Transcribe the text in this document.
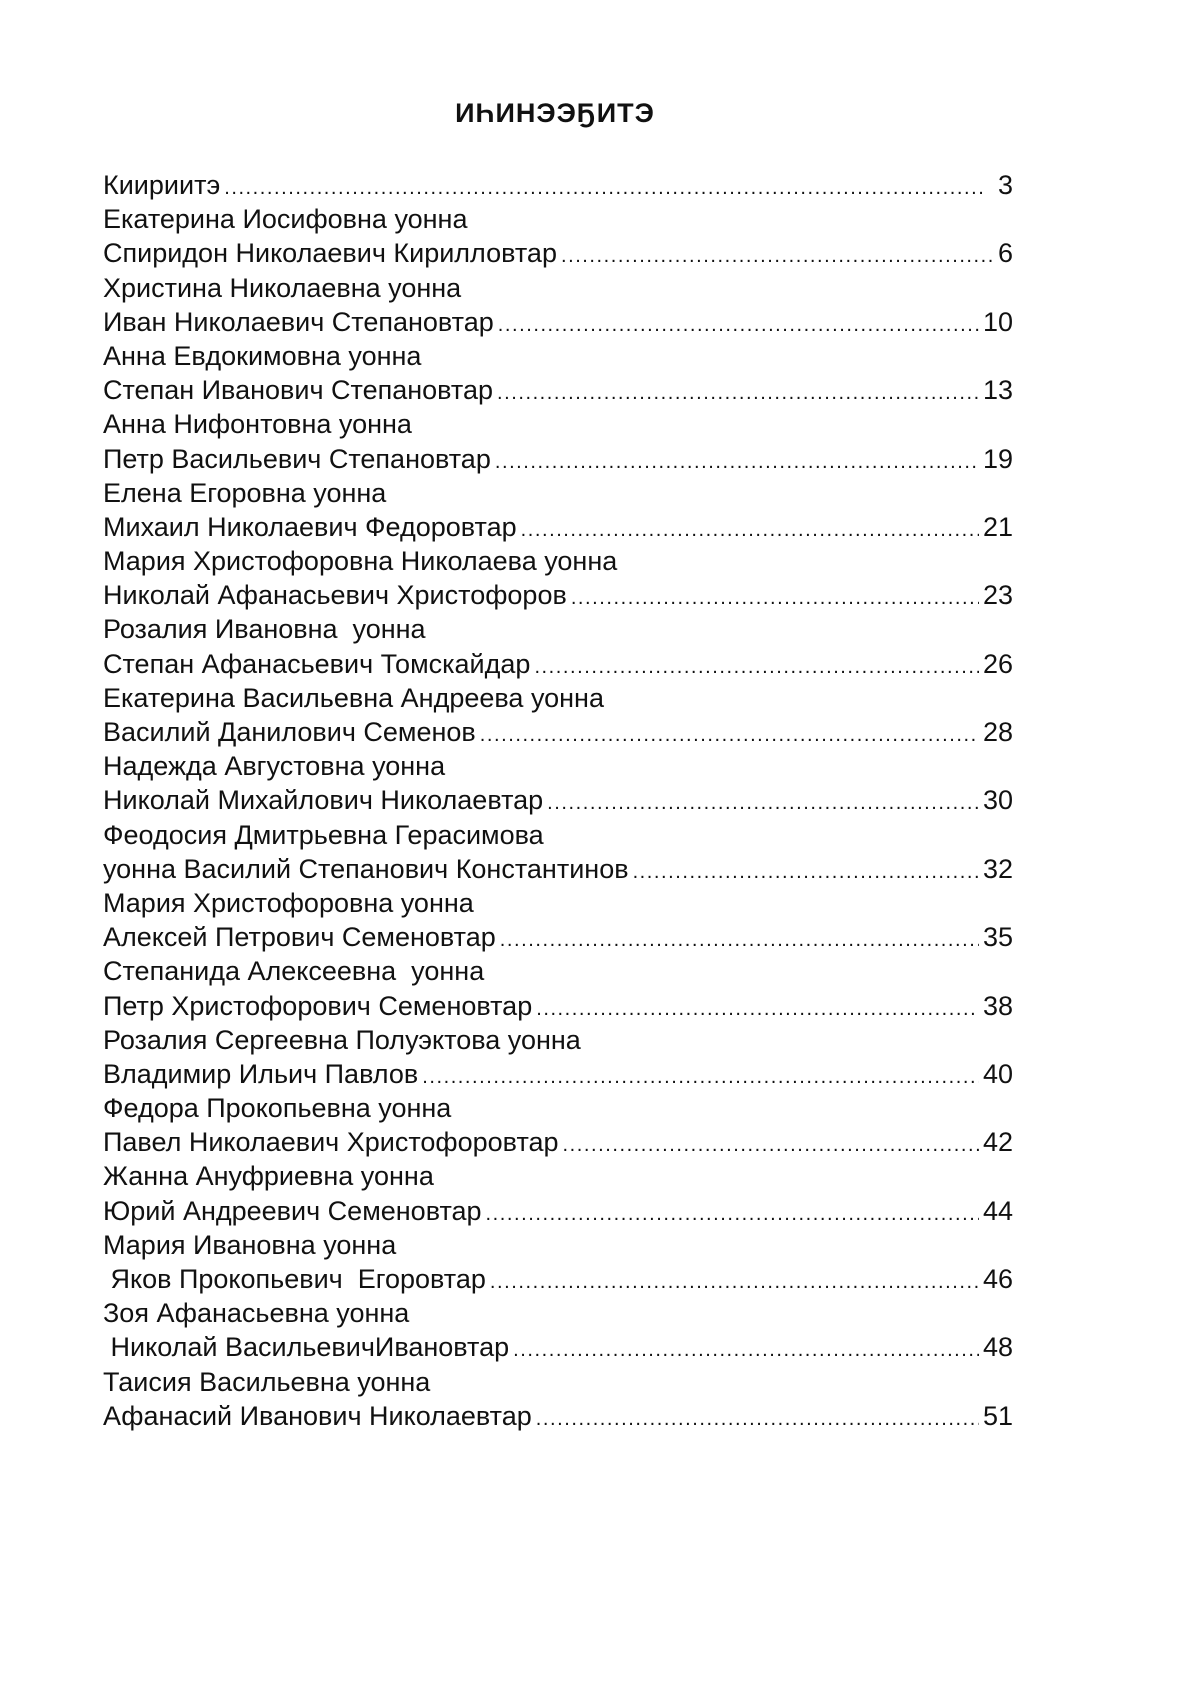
ИҺИНЭЭҔИТЭ
Киириитэ . . .	3
Екатерина Иосифовна уонна
Спиридон Николаевич Кирилловтар . . .	6
Христина Николаевна уонна
Иван Николаевич Степановтар . . .	10
Анна Евдокимовна уонна
Степан Иванович Степановтар . . .	13
Анна Нифонтовна уонна
Петр Васильевич Степановтар . . .	19
Елена Егоровна уонна
Михаил Николаевич Федоровтар . . .	21
Мария Христофоровна Николаева уонна
Николай Афанасьевич Христофоров . . .	23
Розалия Ивановна  уонна
Степан Афанасьевич Томскайдар . . .	26
Екатерина Васильевна Андреева уонна
Василий Данилович Семенов . . .	28
Надежда Августовна уонна
Николай Михайлович Николаевтар . . .	30
Феодосия Дмитрьевна Герасимова
уонна Василий Степанович Константинов . . .	32
Мария Христофоровна уонна
Алексей Петрович Семеновтар . . .	35
Степанида Алексеевна  уонна
Петр Христофорович Семеновтар . . .	38
Розалия Сергеевна Полуэктова уонна
Владимир Ильич Павлов . . .	40
Федора Прокопьевна уонна
Павел Николаевич Христофоровтар . . .	42
Жанна Ануфриевна уонна
Юрий Андреевич Семеновтар . . .	44
Мария Ивановна уонна
Яков Прокопьевич  Егоровтар . . .	46
Зоя Афанасьевна уонна
Николай ВасильевичИвановтар . . .	48
Таисия Васильевна уонна
Афанасий Иванович Николаевтар . . .	51
